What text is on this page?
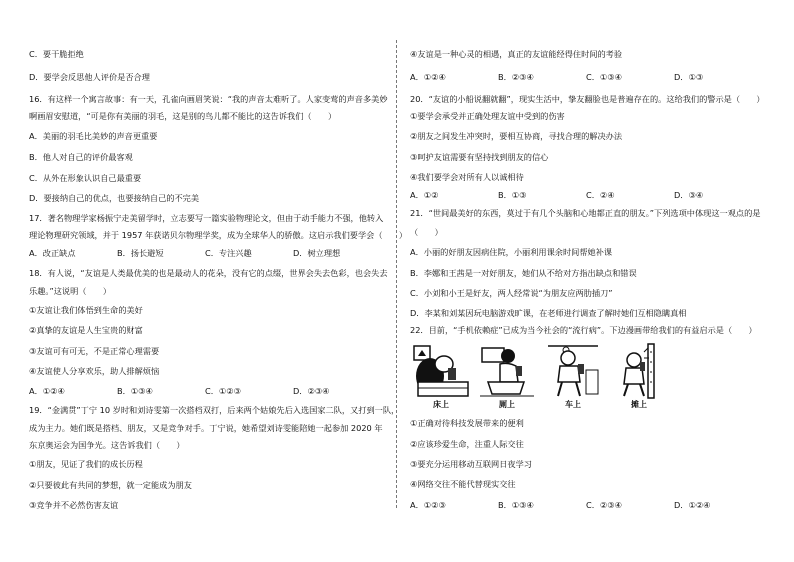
C．要干脆拒绝
D．要学会反思他人评价是否合理
16．有这样一个寓言故事：有一天，孔雀向画眉笑说：“我的声音太难听了。人家变莺的声音多美妙
啊画眉安慰道，“可是你有美丽的羽毛，这是别的鸟儿都不能比的这告诉我们（　　）
A．美丽的羽毛比美妙的声音更重要
B．他人对自己的评价最客观
C．从外在形象认识自己最重要
D．要接纳自己的优点，也要接纳自己的不完美
17．著名物理学家杨振宁走美留学时，立志要写一篇实验物理论文，但由于动手能力不强，他转入
理论物理研究领域，并于 1957 年获诺贝尔物理学奖，成为全球华人的骄傲。这启示我们要学会（　　）
A．改正缺点	B．扬长避短	C．专注兴趣	D．树立理想
18．有人说，“友谊是人类最优美的也是最动人的花朵，没有它的点缀，世界会失去色彩，也会失去
乐趣。”这说明（　　）
①友谊让我们体悟到生命的美好
②真挚的友谊是人生宝贵的财富
③友谊可有可无，不是正常心理需要
④友谊使人分享欢乐，助人排解烦恼
A．①②④	B．①③④	C．①②③	D．②③④
19．“金满贯”丁宁 10 岁时和刘诗雯第一次搭档双打，后来两个姑娘先后入选国家二队，又打到一队，
成为主力。她们既是搭档、朋友，又是竞争对手。丁宁说，她希望刘诗雯能陪她一起参加 2020 年
东京奥运会为国争光。这告诉我们（　　）
①朋友，见证了我们的成长历程
②只要彼此有共同的梦想，就一定能成为朋友
③竞争并不必然伤害友谊
④友谊是一种心灵的相遇，真正的友谊能经得住时间的考验
A．①②④	B．②③④	C．①③④	D．①③
20．“友谊的小船说翻就翻”，现实生活中，挚友翻脸也是普遍存在的。这给我们的警示是（　　）
①要学会承受并正确处理友谊中受到的伤害
②朋友之间发生冲突时，要相互协商，寻找合理的解决办法
③呵护友谊需要有坚持找到朋友的信心
④我们要学会对所有人以诚相待
A．①②	B．①③	C．②④	D．③④
21．“世间最美好的东西，莫过于有几个头脑和心地都正直的朋友。”下列选项中体现这一观点的是
（　　）
A．小丽的好朋友因病住院，小丽利用课余时间帮她补课
B．李娜和王茜是一对好朋友，她们从不给对方指出缺点和错误
C．小刘和小王是好友，两人经常说“为朋友应两肋插刀”
D．李某和刘某因玩电脑游戏旷课，在老师进行调查了解时她们互相隐瞒真相
22．目前，“手机依赖症”已成为当今社会的“流行病”。下边漫画带给我们的有益启示是（　　）
床上	厕上	车上	摊上
①正确对待科技发展带来的便利
②应该珍爱生命，注重人际交往
③要充分运用移动互联网日夜学习
④网络交往不能代替现实交往
A．①②③	B．①③④	C．②③④	D．①②④
